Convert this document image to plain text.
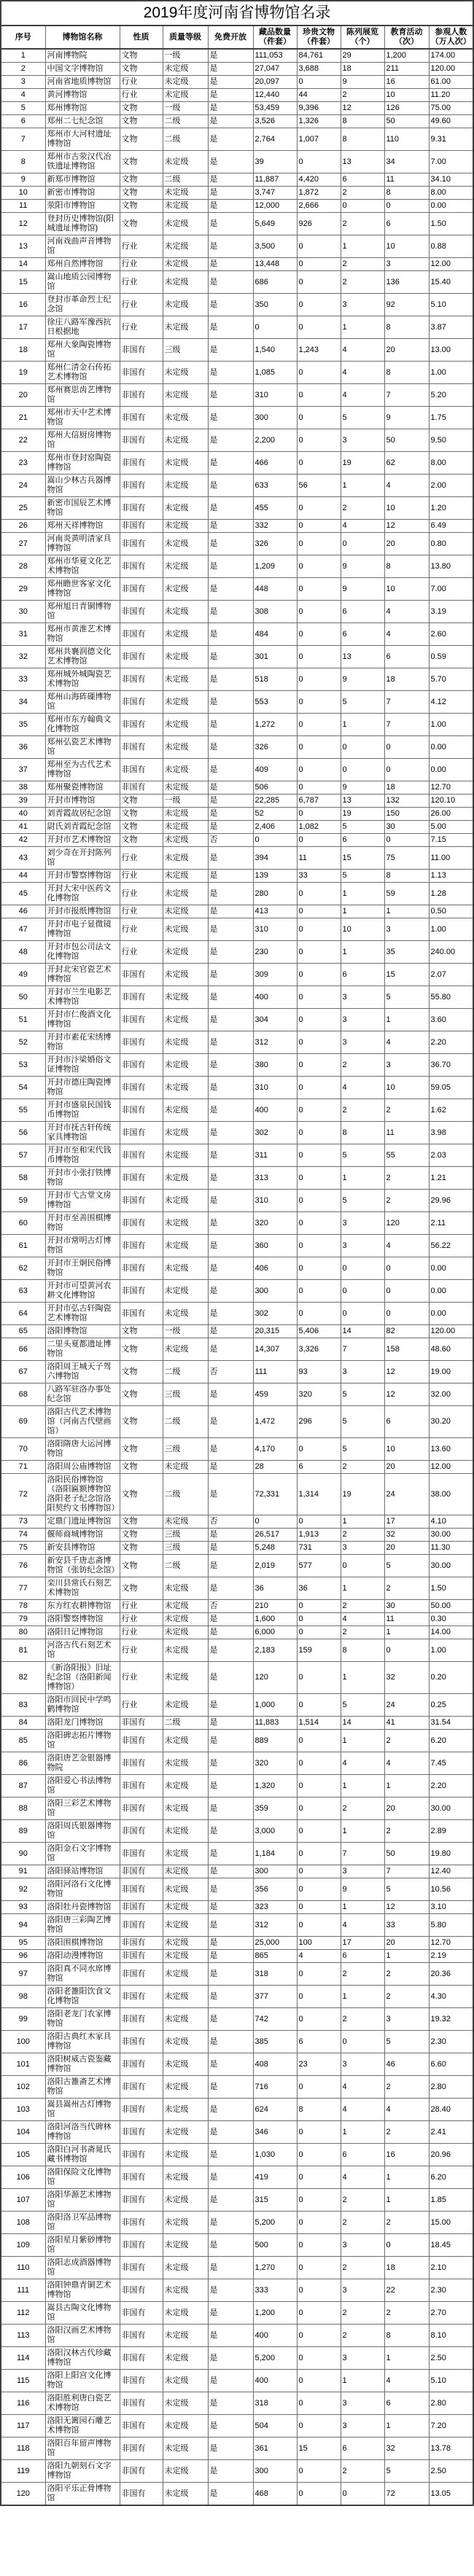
2019年度河南省博物馆名录									
序号	博物馆名称	性质	质量等级	免费开放	藏品数量（件套）	珍贵文物（件套）	陈列展览（个）	教育活动（次）	参观人数（万人次）
1	河南博物院	文物	一级	是	111,053	84,761	29	1,200	174.00
2	中国文字博物馆	文物	未定级	是	27,047	3,688	18	211	120.00
3	河南省地质博物馆	行业	未定级	是	20,097	0	9	16	61.00
4	黄河博物馆	行业	未定级	是	12,440	44	2	10	11.20
5	郑州博物馆	文物	一级	是	53,459	9,396	12	126	75.00
6	郑州二七纪念馆	文物	二级	是	3,526	1,326	8	50	49.60
7	郑州市大河村遗址博物馆	文物	二级	是	2,764	1,007	8	110	9.31
8	郑州市古荥汉代冶铁遗址博物馆	文物	未定级	是	39	0	13	34	7.00
9	新郑市博物馆	文物	二级	是	11,887	4,420	6	11	34.10
10	新密市博物馆	文物	未定级	是	3,747	1,872	2	8	8.00
11	荥阳市博物馆	文物	未定级	是	12,000	2,666	0	0	0.00
12	登封历史博物馆(阳城遗址博物馆)	文物	未定级	是	5,649	926	2	6	1.50
13	河南戏曲声音博物馆	行业	未定级	是	3,500	0	1	10	0.88
14	郑州自然博物馆	行业	未定级	是	13,448	0	2	3	12.00
15	嵩山地质公园博物馆	行业	未定级	是	686	0	2	136	15.40
16	登封市革命烈士纪念馆	行业	未定级	是	350	0	3	92	5.10
17	徐庄八路军豫西抗日根据地	行业	未定级	是	0	0	1	8	3.87
18	郑州大象陶瓷博物馆	非国有	三级	是	1,540	1,243	4	20	13.00
19	郑州仁清金石传拓艺术博物馆	非国有	未定级	是	1,085	0	4	8	1.00
20	郑州赛思齿艺博物馆	非国有	未定级	是	310	0	4	7	5.20
21	郑州市天中艺术博物馆	非国有	未定级	是	300	0	5	9	1.75
22	郑州大信厨房博物馆	非国有	未定级	是	2,200	0	3	50	9.50
23	郑州市登封窑陶瓷博物馆	非国有	未定级	是	466	0	19	62	8.00
24	嵩山少林古兵器博物馆	非国有	未定级	是	633	56	1	4	2.00
25	新密市国辰艺术博物馆	非国有	未定级	是	455	0	2	10	1.20
26	郑州天祥博物馆	非国有	未定级	是	332	0	4	12	6.49
27	河南炎黄明清家具博物馆	非国有	未定级	是	326	0	0	20	0.80
28	郑州市华夏文化艺术博物馆	非国有	未定级	是	1,209	0	9	8	13.80
29	郑州瞻世客家文化博物馆	非国有	未定级	是	448	0	9	10	7.00
30	郑州旭日青铜博物馆	非国有	未定级	是	308	0	6	4	3.19
31	郑州市黄淮艺术博物馆	非国有	未定级	是	484	0	6	4	2.60
32	郑州共襄润德文化艺术博物馆	非国有	未定级	是	301	0	13	6	0.59
33	郑州城外城陶瓷艺术博物馆	非国有	未定级	是	518	0	9	18	5.70
34	郑州山海砗磲博物馆	非国有	未定级	是	553	0	5	7	4.12
35	郑州市东方翰典文化博物馆	非国有	未定级	是	1,272	0	1	7	1.00
36	郑州弘瓷艺术博物馆	非国有	未定级	是	326	0	0	0	0.00
37	郑州至为古代艺术博物馆	非国有	未定级	是	409	0	0	0	0.00
38	郑州聚瓷博物馆	非国有	未定级	是	506	0	9	18	12.70
39	开封市博物馆	文物	一级	是	22,285	6,787	13	132	120.10
40	刘青霞故居纪念馆	文物	未定级	是	52	0	19	150	26.00
41	尉氏刘青霞纪念馆	文物	未定级	是	2,406	1,082	5	30	5.00
42	开封市艺术博物馆	文物	未定级	否	0	0	6	0	7.15
43	刘少奇在开封陈列馆	行业	未定级	是	394	11	15	75	11.00
44	开封市警察博物馆	行业	未定级	是	139	33	5	8	1.13
45	开封大宋中医药文化博物馆	行业	未定级	是	280	0	1	59	1.28
46	开封市报纸博物馆	行业	未定级	是	413	0	1	1	0.50
47	开封市电子显微镜博物馆	行业	未定级	是	310	0	10	3	1.00
48	开封市包公司法文化博物馆	行业	未定级	是	230	0	1	35	240.00
49	开封北宋官瓷艺术博物馆	非国有	未定级	是	309	0	6	15	2.07
50	开封市兰生电影艺术博物馆	非国有	未定级	是	400	0	3	5	55.80
51	开封市仁俊酒文化博物馆	非国有	未定级	是	304	0	3	1	3.60
52	开封市素花宋绣博物馆	非国有	未定级	是	312	0	3	4	2.20
53	开封市汴梁婚俗文证博物馆	非国有	未定级	是	380	0	2	3	36.70
54	开封市德庄陶瓷博物馆	非国有	未定级	是	310	0	4	10	59.05
55	开封市盛泉民国钱币博物馆	非国有	未定级	是	400	0	2	2	1.62
56	开封市抚古轩传统家具博物馆	非国有	未定级	是	302	0	8	11	3.98
57	开封市至和宋代钱币博物馆	非国有	未定级	是	311	0	5	55	2.03
58	开封市小张打铁博物馆	非国有	未定级	是	313	0	1	2	1.21
59	开封市弋古堂文房博物馆	非国有	未定级	是	310	0	5	2	29.96
60	开封市至善围棋博物馆	非国有	未定级	是	320	0	3	120	2.11
61	开封市常明古灯博物馆	非国有	未定级	是	360	0	3	4	56.22
62	开封市王炯民俗博物馆	非国有	未定级	是	406	0	0	0	0.00
63	开封市可望黄河农耕文化博物馆	非国有	未定级	是	300	0	0	0	0.00
64	开封市弘古轩陶瓷艺术博物馆	非国有	未定级	是	302	0	0	0	0.00
65	洛阳博物馆	文物	一级	是	20,315	5,406	14	82	120.00
66	二里头夏都遗址博物馆	文物	未定级	是	14,307	3,326	7	158	48.60
67	洛阳周王城天子驾六博物馆	文物	二级	否	111	93	3	12	19.00
68	八路军驻洛办事处纪念馆	文物	三级	是	459	320	5	12	32.00
69	洛阳古代艺术博物馆（河南古代壁画馆）	文物	二级	是	1,472	296	5	6	30.20
70	洛阳隋唐大运河博物馆	文物	三级	是	4,170	0	5	10	13.60
71	洛阳周公庙博物馆	文物	未定级	是	28	6	2	20	12.00
72	洛阳民俗博物馆（洛阳匾额博物馆洛阳老子纪念馆洛阳契约文书博物馆）	文物	二级	是	72,331	1,314	19	24	38.00
73	定鼎门遗址博物馆	文物	未定级	否	0	0	1	17	4.10
74	偃师商城博物馆	文物	三级	是	26,517	1,913	2	32	30.00
75	新安县博物馆	文物	三级	是	5,248	731	3	20	11.30
76	新安县千唐志斋博物馆（张钫纪念馆）	文物	二级	是	2,019	577	0	5	30.00
77	栾川县常氏石刻艺术博物馆	文物	未定级	是	36	36	1	2	1.50
78	东方红农耕博物馆	行业	未定级	否	210	0	2	30	50.00
79	洛阳警察博物馆	行业	未定级	是	1,600	0	4	11	0.30
80	洛阳日记博物馆	行业	未定级	是	6,000	0	2	1	14.00
81	河洛古代石刻艺术馆	行业	未定级	是	2,183	159	8	0	1.00
82	《新洛阳报》旧址纪念馆（洛阳新闻博物馆）	行业	未定级	是	120	0	1	32	0.20
83	洛阳市回民中学鸣鹤博物馆	行业	未定级	是	1,000	0	5	24	0.25
84	洛阳龙门博物馆	非国有	二级	是	11,883	1,514	14	41	31.54
85	洛阳碑志拓片博物馆	非国有	未定级	是	889	0	1	2	6.20
86	洛阳唐艺金银器博物院	非国有	未定级	是	320	0	4	4	7.45
87	洛阳爱心书法博物馆	非国有	未定级	是	1,320	0	1	1	2.20
88	洛阳三彩艺术博物馆	非国有	未定级	是	359	0	2	20	30.00
89	洛阳周氏银器博物馆	非国有	未定级	是	3,000	0	1	2	2.89
90	洛阳金石文字博物馆	非国有	未定级	是	1,184	0	7	50	19.80
91	洛阳驿站博物馆	非国有	未定级	是	300	0	3	7	12.40
92	洛阳河洛石文化博物馆	非国有	未定级	是	356	0	9	5	10.56
93	洛阳牡丹瓷博物馆	非国有	未定级	是	323	0	1	12	3.10
94	洛阳唐三彩陶艺博物馆	非国有	未定级	是	312	0	4	33	5.80
95	洛阳围棋博物馆	非国有	未定级	是	25,000	100	17	20	12.70
96	洛阳动漫博物馆	非国有	未定级	是	865	4	6	1	2.19
97	洛阳真不同水席博物馆	非国有	未定级	是	318	0	2	2	20.36
98	洛阳老雒阳饮食文化博物馆	非国有	未定级	是	377	0	1	2	4.30
99	洛阳老龙门农家博物馆	非国有	未定级	是	742	0	2	3	19.32
100	洛阳古典红木家具博物馆	非国有	未定级	是	385	6	0	5	2.30
101	洛阳树威古瓷鉴藏博物馆	非国有	未定级	是	408	23	3	46	6.60
102	洛阳古雒斋艺术博物馆	非国有	未定级	是	716	0	4	2	2.80
103	嵩县嵩州古灯博物馆	非国有	未定级	是	624	8	4	4	28.40
104	洛阳河洛当代碑林博物馆	非国有	未定级	是	346	0	1	2	2.41
105	洛阳白河书斋晁氏藏书博物馆	非国有	未定级	是	1,030	0	6	16	20.96
106	洛阳保险文化博物馆	非国有	未定级	是	419	0	4	1	6.20
107	洛阳华源艺术博物馆	非国有	未定级	是	315	0	2	1	1.85
108	洛阳洛卫军品博物馆	非国有	未定级	是	5,200	0	2	2	15.00
109	洛阳星月紫砂博物馆	非国有	未定级	是	500	0	3	0	18.45
110	洛阳志成酒器博物馆	非国有	未定级	是	1,270	0	2	18	2.10
111	洛阳钟鼎青铜艺术博物馆	非国有	未定级	是	333	0	3	22	2.30
112	嵩县古陶文化博物馆	非国有	未定级	是	1,200	0	2	2	2.70
113	洛阳汉画艺术博物馆	非国有	未定级	是	400	0	2	8	8.10
114	洛阳汉林古代珍藏博物馆	非国有	未定级	是	5,200	0	3	1	2.50
115	洛阳上阳宫文化博物馆	非国有	未定级	是	400	0	1	4	5.10
116	洛阳胜利唐白瓷艺术博物馆	非国有	未定级	是	318	0	3	6	2.80
117	洛阳无篱园石雕艺术博物馆	非国有	未定级	是	504	0	3	1	7.20
118	洛阳百年留声博物馆	非国有	未定级	是	361	15	6	32	13.78
119	洛阳九朝刻石文字博物馆	非国有	未定级	是	300	0	2	5	2.50
120	洛阳平乐正骨博物馆	非国有	未定级	是	468	0	0	72	13.05
